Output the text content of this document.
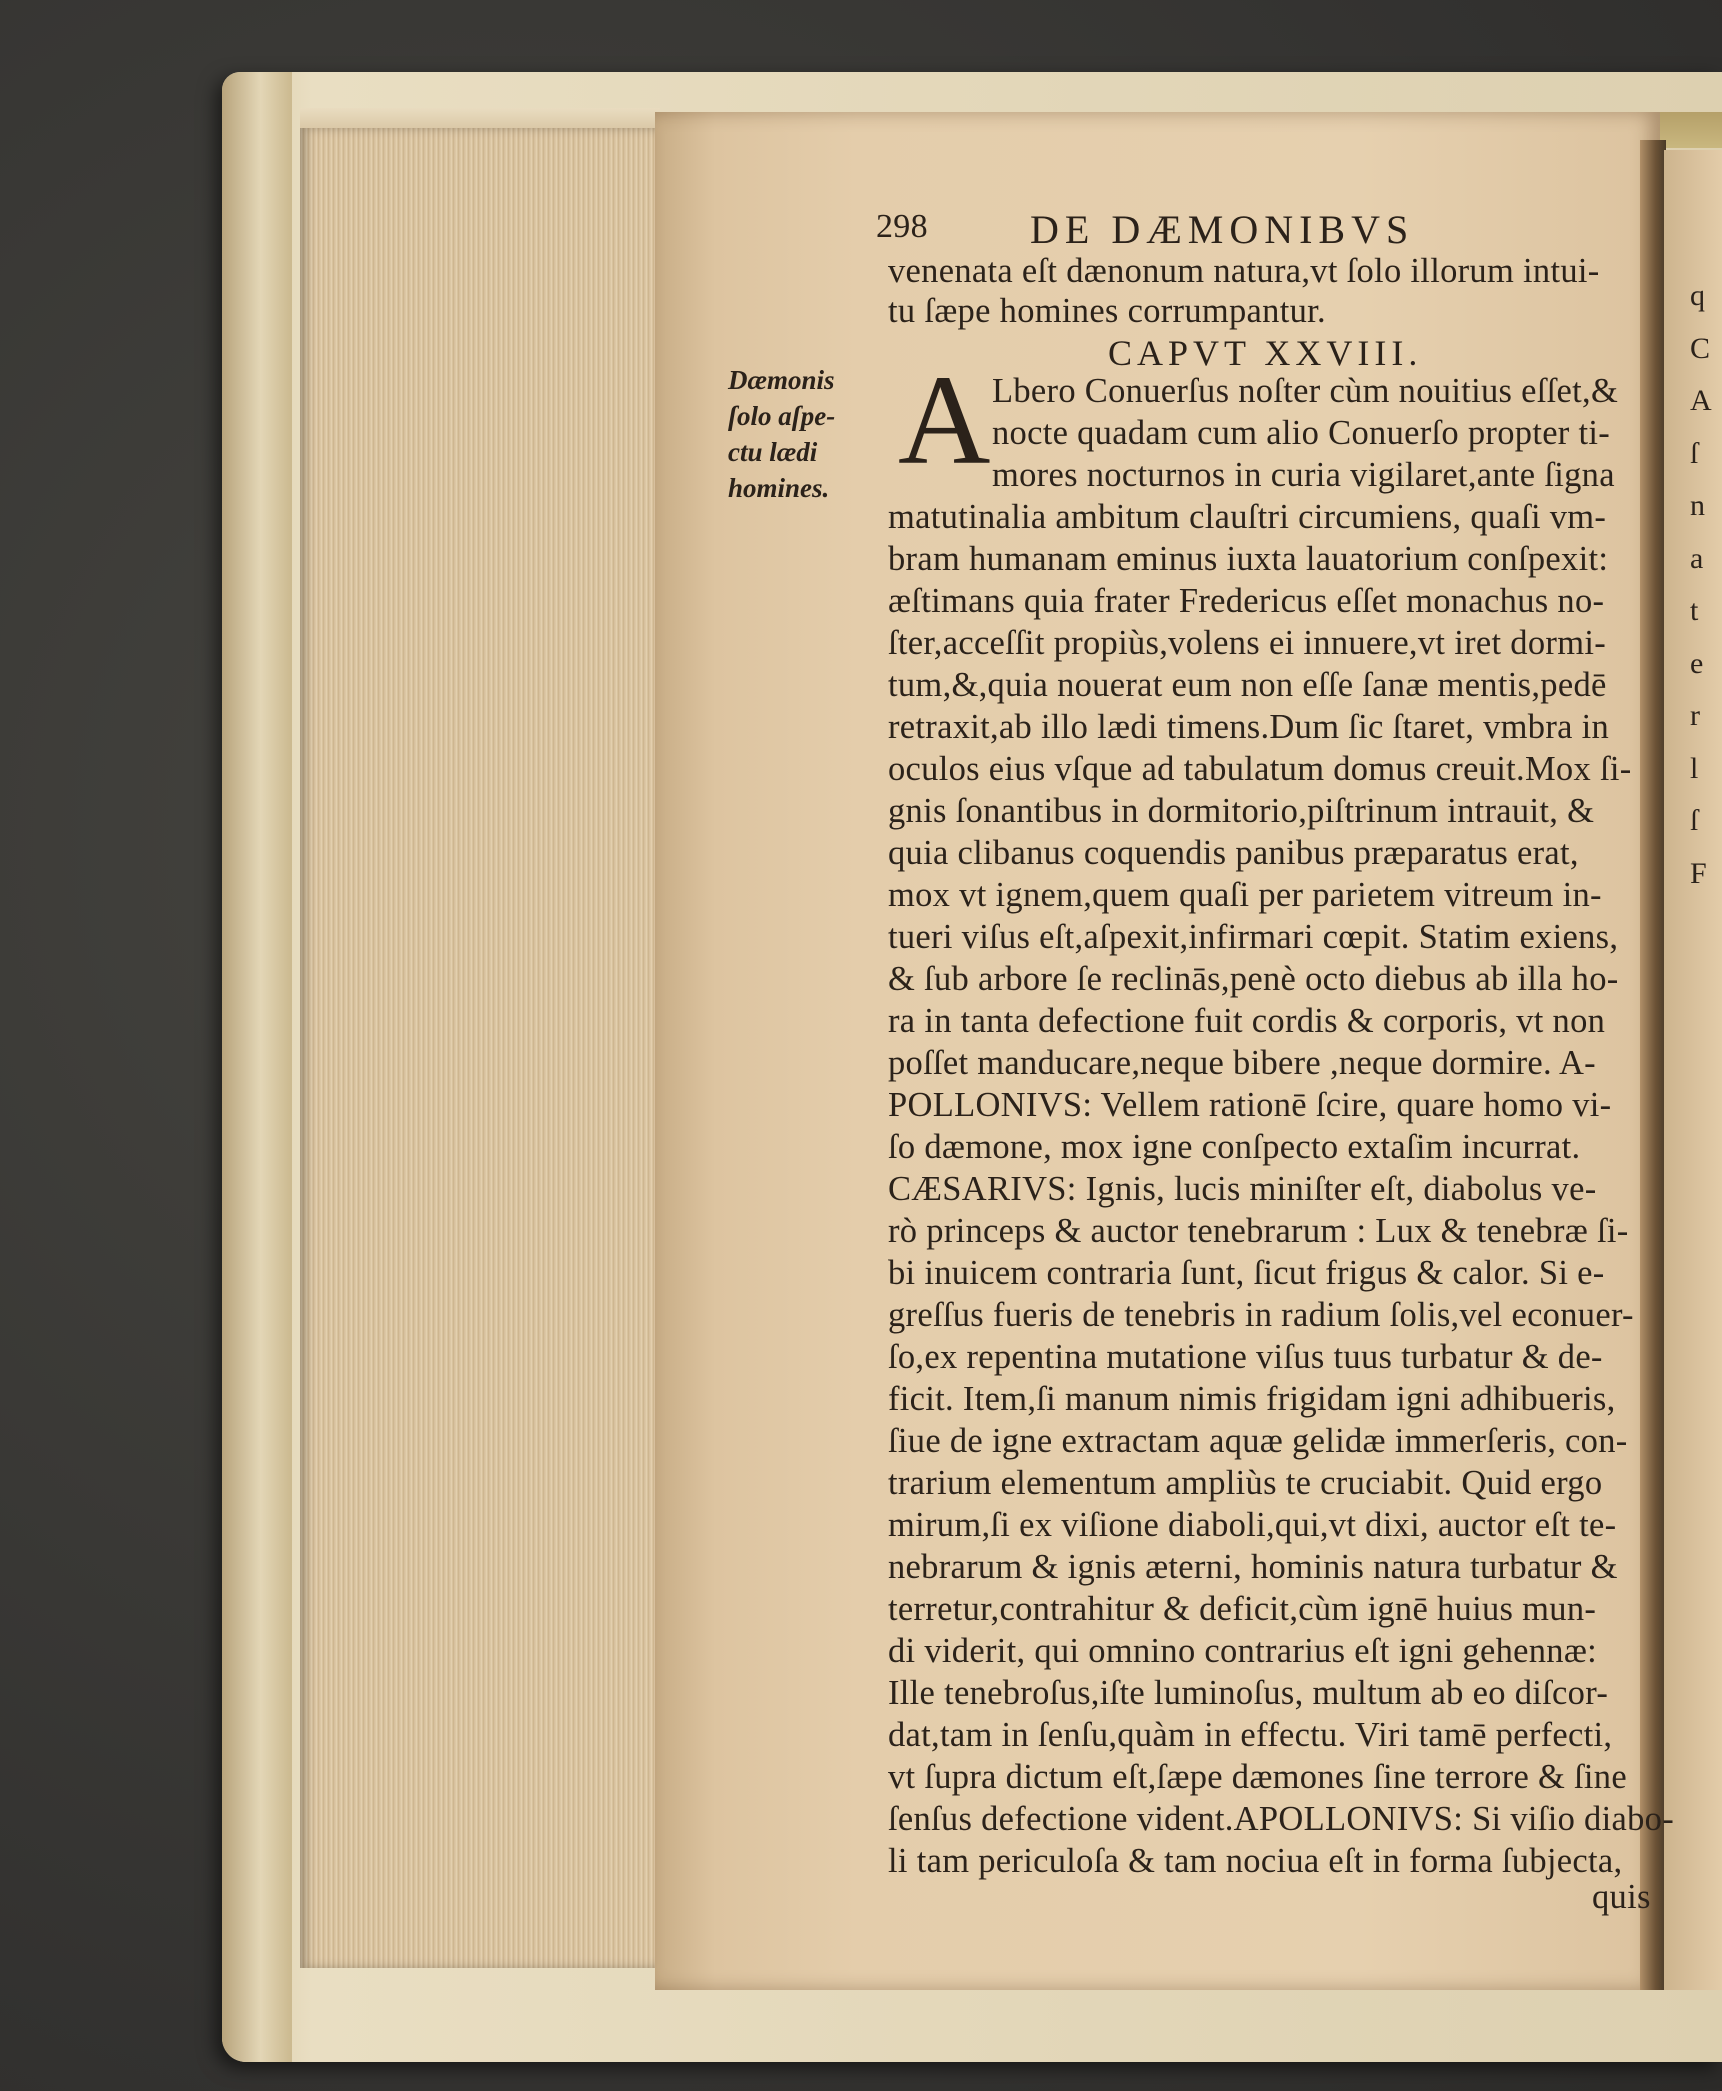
298	DE DÆMONIBVS
CAPVT XXVIII.
A
Dæmonis
ſolo aſpe-
ctu lædi
homines.
venenata eſt dænonum natura,vt ſolo illorum intui-
tu ſæpe homines corrumpantur.
Lbero Conuerſus noſter cùm nouitius eſſet,&
nocte quadam cum alio Conuerſo propter ti-
mores nocturnos in curia vigilaret,ante ſigna
matutinalia ambitum clauſtri circumiens, quaſi vm-
bram humanam eminus iuxta lauatorium conſpexit:
æſtimans quia frater Fredericus eſſet monachus no-
ſter,acceſſit propiùs,volens ei innuere,vt iret dormi-
tum,&,quia nouerat eum non eſſe ſanæ mentis,pedē
retraxit,ab illo lædi timens.Dum ſic ſtaret, vmbra in
oculos eius vſque ad tabulatum domus creuit.Mox ſi-
gnis ſonantibus in dormitorio,piſtrinum intrauit, &
quia clibanus coquendis panibus præparatus erat,
mox vt ignem,quem quaſi per parietem vitreum in-
tueri viſus eſt,aſpexit,infirmari cœpit. Statim exiens,
& ſub arbore ſe reclinās,penè octo diebus ab illa ho-
ra in tanta defectione fuit cordis & corporis, vt non
poſſet manducare,neque bibere ,neque dormire. A-
POLLONIVS: Vellem rationē ſcire, quare homo vi-
ſo dæmone, mox igne conſpecto extaſim incurrat.
CÆSARIVS: Ignis, lucis miniſter eſt, diabolus ve-
rò princeps & auctor tenebrarum : Lux & tenebræ ſi-
bi inuicem contraria ſunt, ſicut frigus & calor. Si e-
greſſus fueris de tenebris in radium ſolis,vel econuer-
ſo,ex repentina mutatione viſus tuus turbatur & de-
ficit. Item,ſi manum nimis frigidam igni adhibueris,
ſiue de igne extractam aquæ gelidæ immerſeris, con-
trarium elementum ampliùs te cruciabit. Quid ergo
mirum,ſi ex viſione diaboli,qui,vt dixi, auctor eſt te-
nebrarum & ignis æterni, hominis natura turbatur &
terretur,contrahitur & deficit,cùm ignē huius mun-
di viderit, qui omnino contrarius eſt igni gehennæ:
Ille tenebroſus,iſte luminoſus, multum ab eo diſcor-
dat,tam in ſenſu,quàm in effectu. Viri tamē perfecti,
vt ſupra dictum eſt,ſæpe dæmones ſine terrore & ſine
ſenſus defectione vident.APOLLONIVS: Si viſio diabo-
li tam periculoſa & tam nociua eſt in forma ſubjecta,
quis
q
C
A
ſ
n
a
t
e
r
l
ſ
F
